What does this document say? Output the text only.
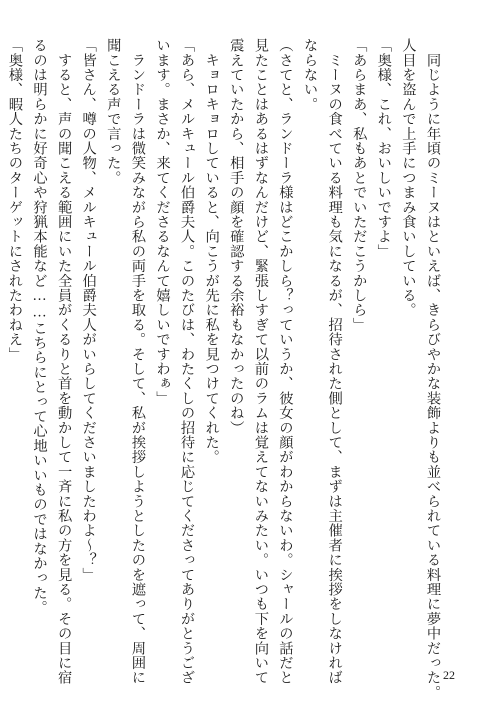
　同じように年頃のミーヌはといえば、きらびやかな装飾よりも並べられている料理に夢中だった。
人目を盗んで上手につまみ食いしている。
「奥様、これ、おいしいですよ」
「あらまあ、私もあとでいただこうかしら」
　ミーヌの食べている料理も気になるが、招待された側として、まずは主催者に挨拶をしなければ
ならない。
（さてと、ランドーラ様はどこかしら？っていうか、彼女の顔がわからないわ。シャールの話だと
見たことはあるはずなんだけど、緊張しすぎて以前のラムは覚えてないみたい。いつも下を向いて
震えていたから、相手の顔を確認する余裕もなかったのね）
　キョロキョロしていると、向こうが先に私を見つけてくれた。
「あら、メルキュール伯爵夫人。このたびは、わたくしの招待に応じてくださってありがとうござ
います。まさか、来てくださるなんて嬉しいですわぁ」
　ランドーラは微笑みながら私の両手を取る。そして、私が挨拶しようとしたのを遮って、周囲に
聞こえる声で言った。
「皆さん、噂の人物、メルキュール伯爵夫人がいらしてくださいましたわよ～？」
　すると、声の聞こえる範囲にいた全員がくるりと首を動かして一斉に私の方を見る。その目に宿
るのは明らかに好奇心や狩猟本能など……こちらにとって心地いいものではなかった。
「奥様、暇人たちのターゲットにされたわねえ」
22
